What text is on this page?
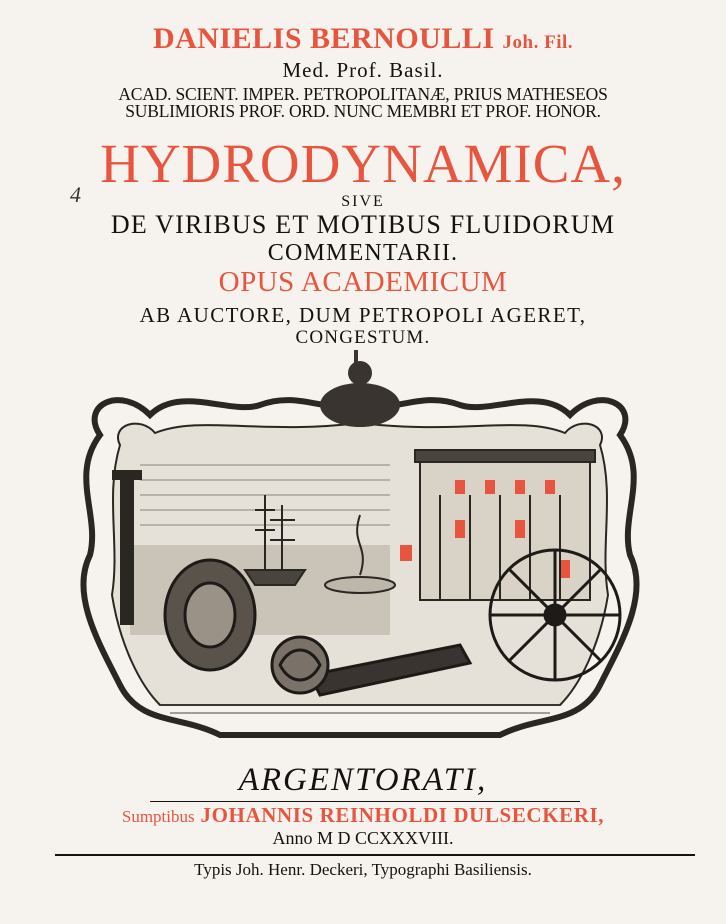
DANIELIS BERNOULLI Joh. Fil.
Med. Prof. Basil.
ACAD. SCIENT. IMPER. PETROPOLITANÆ, PRIUS MATHESEOS
SUBLIMIORIS PROF. ORD. NUNC MEMBRI ET PROF. HONOR.
HYDRODYNAMICA,
4	SIVE
DE VIRIBUS ET MOTIBUS FLUIDORUM
COMMENTARII.
OPUS ACADEMICUM
AB AUCTORE, DUM PETROPOLI AGERET,
CONGESTUM.
ARGENTORATI,
Sumptibus JOHANNIS REINHOLDI DULSECKERI,
Anno M D CCXXXVIII.
Typis Joh. Henr. Deckeri, Typographi Basiliensis.
